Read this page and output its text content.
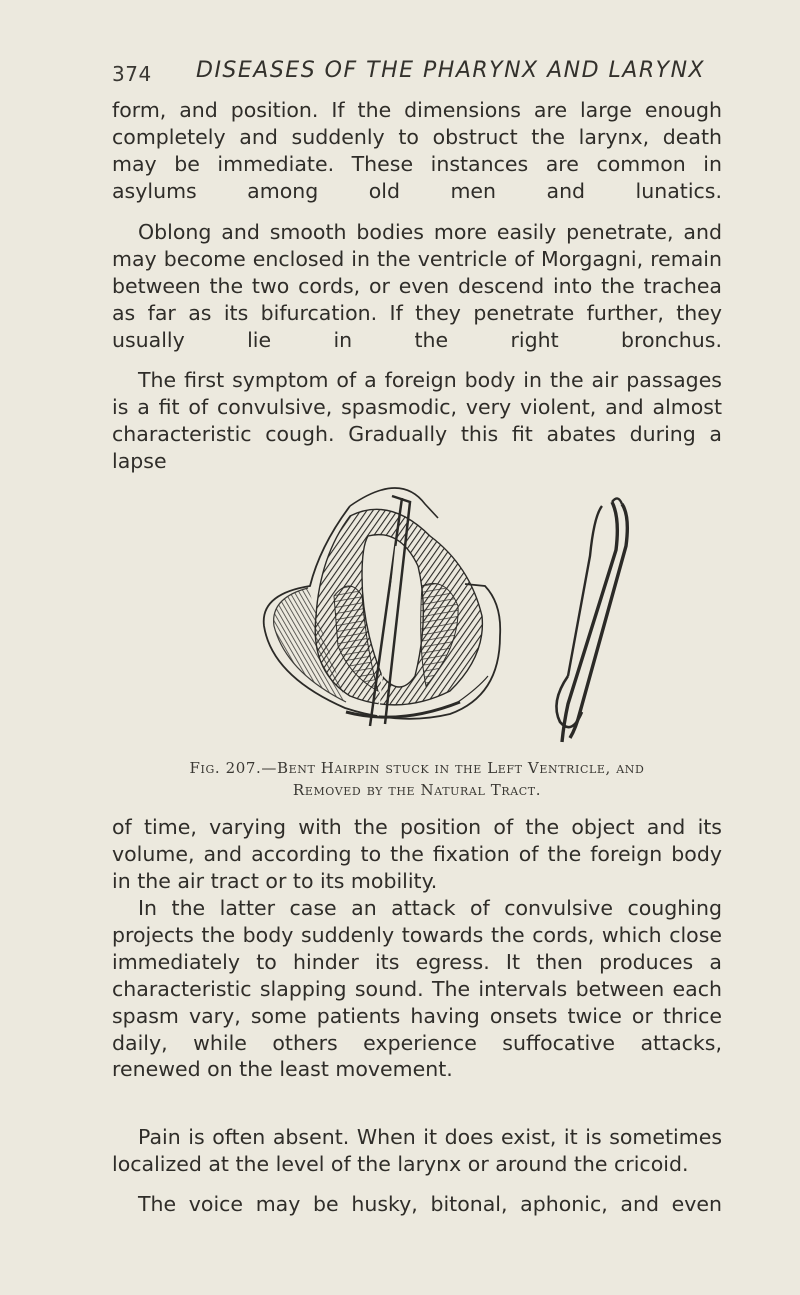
374 DISEASES OF THE PHARYNX AND LARYNX

form, and position. If the dimensions are large enough completely and suddenly to obstruct the larynx, death may be immediate. These instances are common in asylums among old men and lunatics.

Oblong and smooth bodies more easily penetrate, and may become enclosed in the ventricle of Morgagni, remain between the two cords, or even descend into the trachea as far as its bifurcation. If they penetrate further, they usually lie in the right bronchus.

The first symptom of a foreign body in the air passages is a fit of convulsive, spasmodic, very violent, and almost characteristic cough. Gradually this fit abates during a lapse

Fig. 207.—Bent Hairpin stuck in the Left Ventricle, and
Removed by the Natural Tract.

of time, varying with the position of the object and its volume, and according to the fixation of the foreign body in the air tract or to its mobility.

In the latter case an attack of convulsive coughing projects the body suddenly towards the cords, which close immediately to hinder its egress. It then produces a characteristic slapping sound. The intervals between each spasm vary, some patients having onsets twice or thrice daily, while others experience suffocative attacks, renewed on the least movement.

Pain is often absent. When it does exist, it is sometimes localized at the level of the larynx or around the cricoid.

The voice may be husky, bitonal, aphonic, and even
